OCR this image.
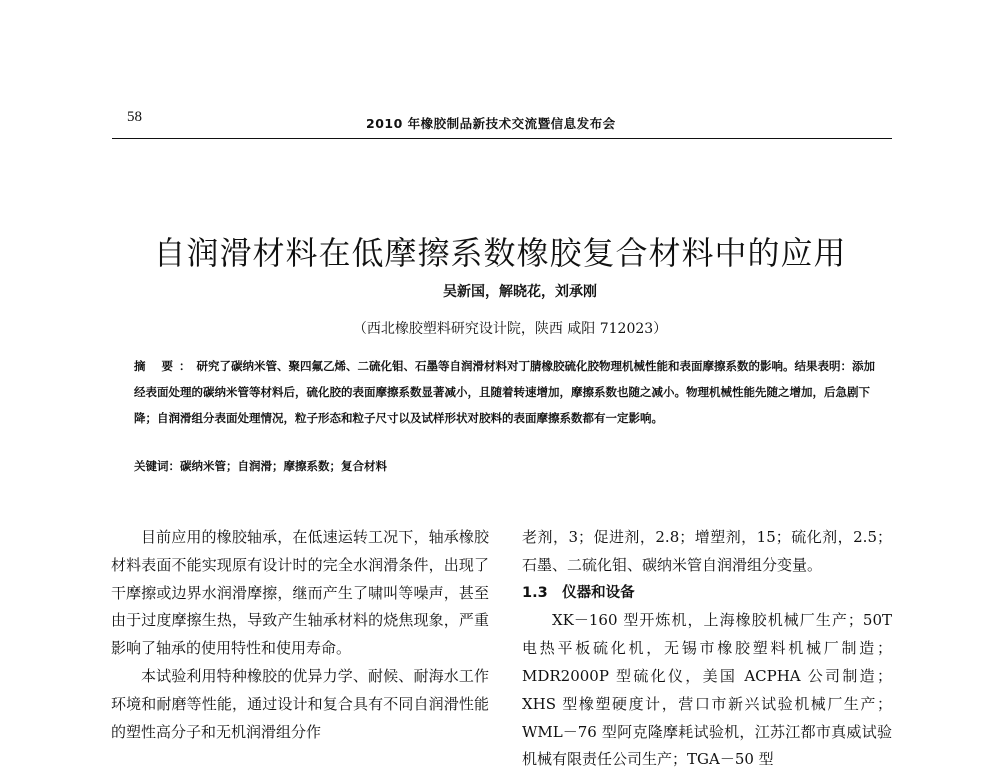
58	2010 年橡胶制品新技术交流暨信息发布会
自润滑材料在低摩擦系数橡胶复合材料中的应用
吴新国，解晓花，刘承刚
（西北橡胶塑料研究设计院，陕西 咸阳 712023）
摘 要：研究了碳纳米管、聚四氟乙烯、二硫化钼、石墨等自润滑材料对丁腈橡胶硫化胶物理机械性能和表面摩擦系数的影响。结果表明：添加经表面处理的碳纳米管等材料后，硫化胶的表面摩擦系数显著减小，且随着转速增加，摩擦系数也随之减小。物理机械性能先随之增加，后急剧下降；自润滑组分表面处理情况，粒子形态和粒子尺寸以及试样形状对胶料的表面摩擦系数都有一定影响。
关键词：碳纳米管；自润滑；摩擦系数；复合材料

目前应用的橡胶轴承，在低速运转工况下，轴承橡胶材料表面不能实现原有设计时的完全水润滑条件，出现了干摩擦或边界水润滑摩擦，继而产生了啸叫等噪声，甚至由于过度摩擦生热，导致产生轴承材料的烧焦现象，严重影响了轴承的使用特性和使用寿命。

本试验利用特种橡胶的优异力学、耐候、耐海水工作环境和耐磨等性能，通过设计和复合具有不同自润滑性能的塑性高分子和无机润滑组分作

老剂，3；促进剂，2.8；增塑剂，15；硫化剂，2.5；石墨、二硫化钼、碳纳米管自润滑组分变量。

1.3　仪器和设备

XK－160 型开炼机，上海橡胶机械厂生产；50T 电热平板硫化机，无锡市橡胶塑料机械厂制造；MDR2000P 型硫化仪，美国 ACPHA 公司制造；XHS 型橡塑硬度计，营口市新兴试验机械厂生产；WML－76 型阿克隆摩耗试验机，江苏江都市真威试验机械有限责任公司生产；TGA－50 型
